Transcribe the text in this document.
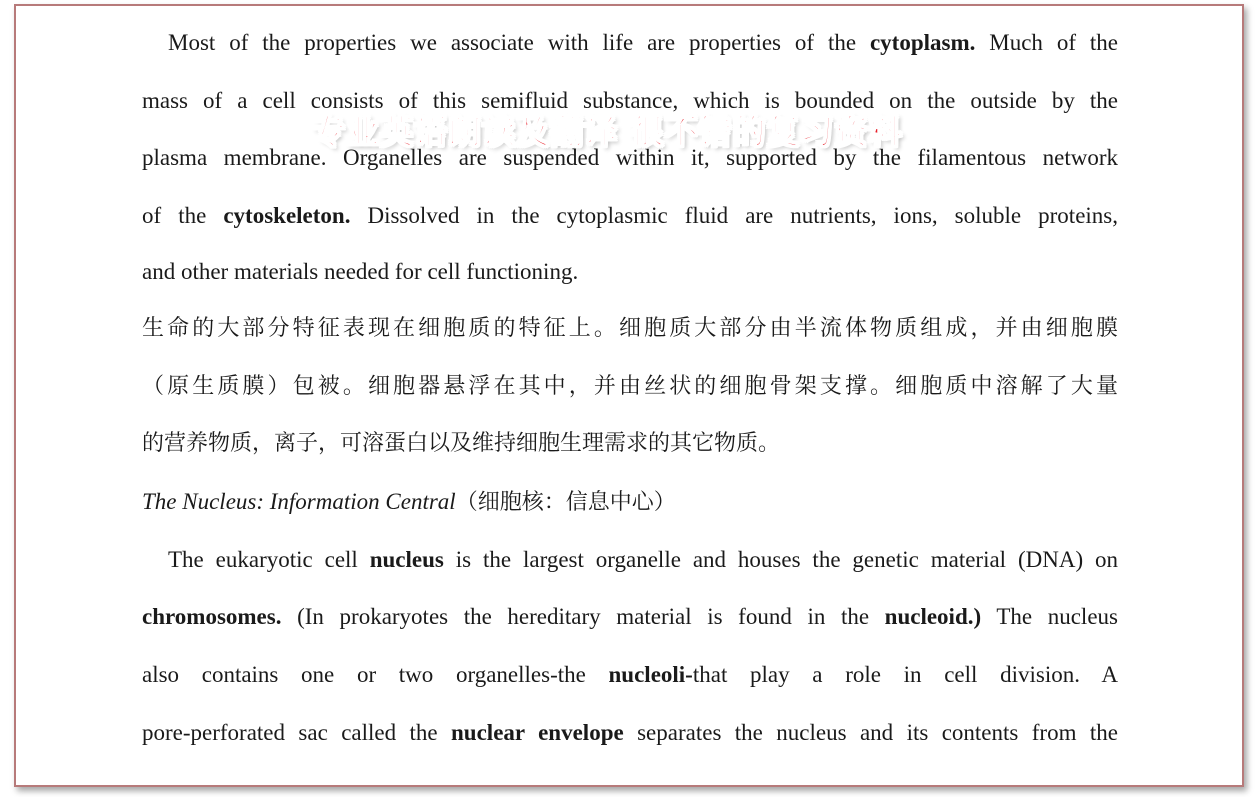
Most of the properties we associate with life are properties of the cytoplasm. Much of the
mass of a cell consists of this semifluid substance, which is bounded on the outside by the
plasma membrane. Organelles are suspended within it, supported by the filamentous network
of the cytoskeleton. Dissolved in the cytoplasmic fluid are nutrients, ions, soluble proteins,
and other materials needed for cell functioning.
生命的大部分特征表现在细胞质的特征上。细胞质大部分由半流体物质组成，并由细胞膜
（原生质膜）包被。细胞器悬浮在其中，并由丝状的细胞骨架支撑。细胞质中溶解了大量
的营养物质，离子，可溶蛋白以及维持细胞生理需求的其它物质。
The Nucleus: Information Central（细胞核：信息中心）
The eukaryotic cell nucleus is the largest organelle and houses the genetic material (DNA) on
chromosomes. (In prokaryotes the hereditary material is found in the nucleoid.) The nucleus
also contains one or two organelles-the nucleoli-that play a role in cell division. A
pore-perforated sac called the nuclear envelope separates the nucleus and its contents from the
专业英语朗读及翻译 很不错的复习资料
